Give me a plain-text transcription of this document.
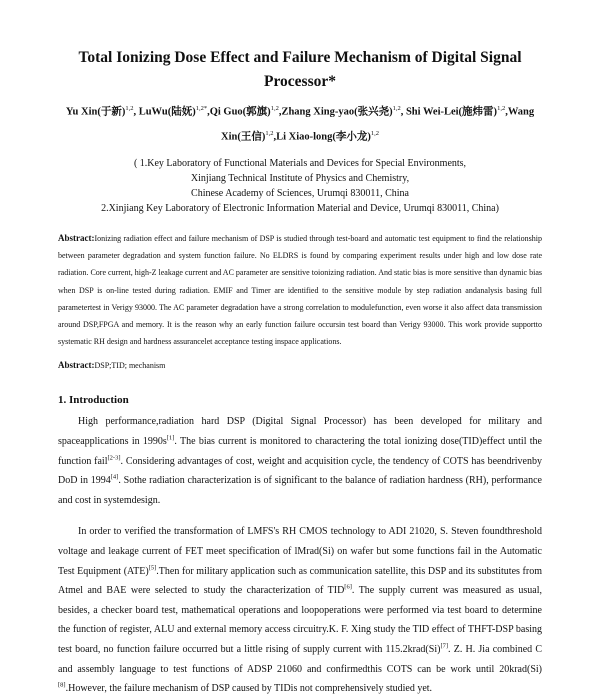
Total Ionizing Dose Effect and Failure Mechanism of Digital Signal Processor*
Yu Xin(于新)$^{1,2}$, LuWu(陆妩)$^{1,2*}$,Qi Guo(郭旗)$^{1,2}$,Zhang Xing-yao(张兴尧)$^{1,2}$, Shi Wei-Lei(施炜雷)$^{1,2}$,Wang Xin(王信)$^{1,2}$,Li Xiao-long(李小龙)$^{1,2}$
( 1.Key Laboratory of Functional Materials and Devices for Special Environments,
Xinjiang Technical Institute of Physics and Chemistry,
Chinese Academy of Sciences, Urumqi 830011, China
2.Xinjiang Key Laboratory of Electronic Information Material and Device, Urumqi 830011, China)
Abstract:Ionizing radiation effect and failure mechanism of DSP is studied through test-board and automatic test equipment to find the relationship between parameter degradation and system function failure. No ELDRS is found by comparing experiment results under high and low dose rate radiation. Core current, high-Z leakage current and AC parameter are sensitive toionizing radiation. And static bias is more sensitive than dynamic bias when DSP is on-line tested during radiation. EMIF and Timer are identified to the sensitive module by step radiation andanalysis basing full parametertest in Verigy 93000. The AC parameter degradation have a strong correlation to modulefunction, even worse it also affect data transmission around DSP,FPGA and memory. It is the reason why an early function failure occursin test board than Verigy 93000. This work provide supportto systematic RH design and hardness assurancelet acceptance testing inspace applications.
Abstract:DSP;TID; mechanism
1. Introduction
High performance,radiation hard DSP (Digital Signal Processor) has been developed for military and spaceapplications in 1990s[1]. The bias current is monitored to charactering the total ionizing dose(TID)effect until the function fail[2-3]. Considering advantages of cost, weight and acquisition cycle, the tendency of COTS has beendrivenby DoD in 1994[4]. Sothe radiation characterization is of significant to the balance of radiation hardness (RH), performance and cost in systemdesign.
In order to verified the transformation of LMFS's RH CMOS technology to ADI 21020, S. Steven foundthreshold voltage and leakage current of FET meet specification of lMrad(Si) on wafer but some functions fail in the Automatic Test Equipment (ATE)[5].Then for military application such as communication satellite, this DSP and its substitutes from Atmel and BAE were selected to study the characterization of TID[6]. The supply current was measured as usual, besides, a checker board test, mathematical operations and loopoperations were performed via test board to determine the function of register, ALU and external memory access circuitry.K. F. Xing study the TID effect of THFT-DSP basing test board, no function failure occurred but a little rising of supply current with 115.2krad(Si)[7]. Z. H. Jia combined C and assembly language to test functions of ADSP 21060 and confirmedthis COTS can be work until 20krad(Si)[8].However, the failure mechanism of DSP caused by TIDis not comprehensively studied yet.
